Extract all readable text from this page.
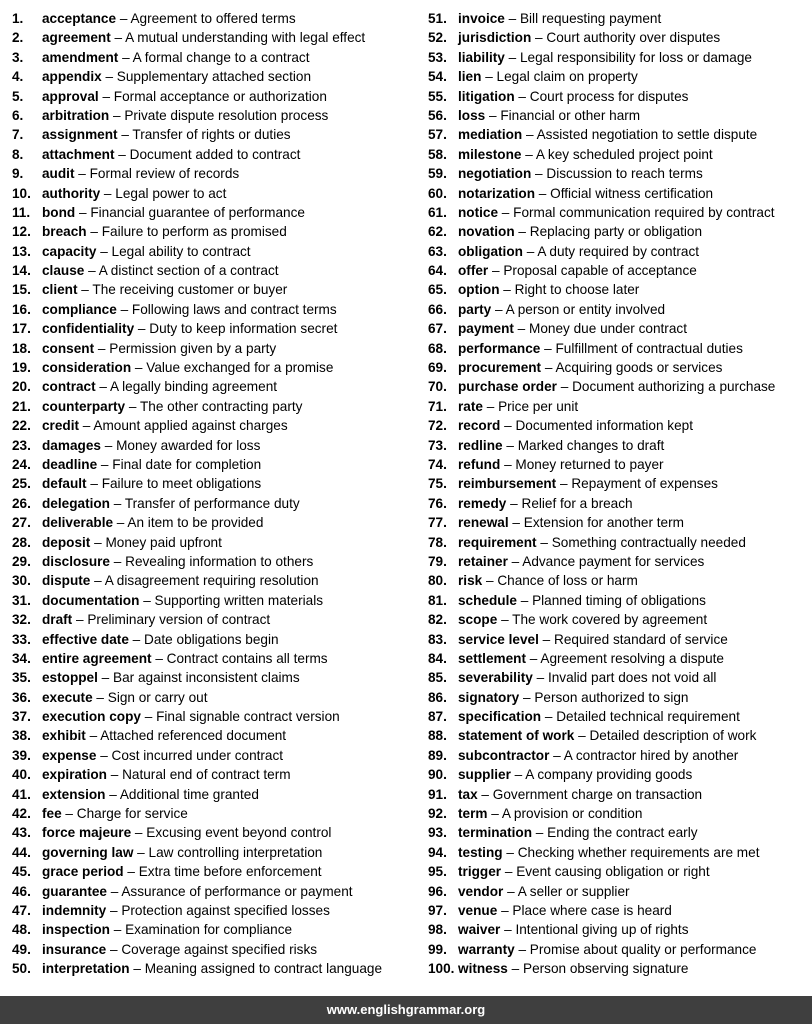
1. acceptance – Agreement to offered terms
2. agreement – A mutual understanding with legal effect
3. amendment – A formal change to a contract
4. appendix – Supplementary attached section
5. approval – Formal acceptance or authorization
6. arbitration – Private dispute resolution process
7. assignment – Transfer of rights or duties
8. attachment – Document added to contract
9. audit – Formal review of records
10. authority – Legal power to act
11. bond – Financial guarantee of performance
12. breach – Failure to perform as promised
13. capacity – Legal ability to contract
14. clause – A distinct section of a contract
15. client – The receiving customer or buyer
16. compliance – Following laws and contract terms
17. confidentiality – Duty to keep information secret
18. consent – Permission given by a party
19. consideration – Value exchanged for a promise
20. contract – A legally binding agreement
21. counterparty – The other contracting party
22. credit – Amount applied against charges
23. damages – Money awarded for loss
24. deadline – Final date for completion
25. default – Failure to meet obligations
26. delegation – Transfer of performance duty
27. deliverable – An item to be provided
28. deposit – Money paid upfront
29. disclosure – Revealing information to others
30. dispute – A disagreement requiring resolution
31. documentation – Supporting written materials
32. draft – Preliminary version of contract
33. effective date – Date obligations begin
34. entire agreement – Contract contains all terms
35. estoppel – Bar against inconsistent claims
36. execute – Sign or carry out
37. execution copy – Final signable contract version
38. exhibit – Attached referenced document
39. expense – Cost incurred under contract
40. expiration – Natural end of contract term
41. extension – Additional time granted
42. fee – Charge for service
43. force majeure – Excusing event beyond control
44. governing law – Law controlling interpretation
45. grace period – Extra time before enforcement
46. guarantee – Assurance of performance or payment
47. indemnity – Protection against specified losses
48. inspection – Examination for compliance
49. insurance – Coverage against specified risks
50. interpretation – Meaning assigned to contract language
51. invoice – Bill requesting payment
52. jurisdiction – Court authority over disputes
53. liability – Legal responsibility for loss or damage
54. lien – Legal claim on property
55. litigation – Court process for disputes
56. loss – Financial or other harm
57. mediation – Assisted negotiation to settle dispute
58. milestone – A key scheduled project point
59. negotiation – Discussion to reach terms
60. notarization – Official witness certification
61. notice – Formal communication required by contract
62. novation – Replacing party or obligation
63. obligation – A duty required by contract
64. offer – Proposal capable of acceptance
65. option – Right to choose later
66. party – A person or entity involved
67. payment – Money due under contract
68. performance – Fulfillment of contractual duties
69. procurement – Acquiring goods or services
70. purchase order – Document authorizing a purchase
71. rate – Price per unit
72. record – Documented information kept
73. redline – Marked changes to draft
74. refund – Money returned to payer
75. reimbursement – Repayment of expenses
76. remedy – Relief for a breach
77. renewal – Extension for another term
78. requirement – Something contractually needed
79. retainer – Advance payment for services
80. risk – Chance of loss or harm
81. schedule – Planned timing of obligations
82. scope – The work covered by agreement
83. service level – Required standard of service
84. settlement – Agreement resolving a dispute
85. severability – Invalid part does not void all
86. signatory – Person authorized to sign
87. specification – Detailed technical requirement
88. statement of work – Detailed description of work
89. subcontractor – A contractor hired by another
90. supplier – A company providing goods
91. tax – Government charge on transaction
92. term – A provision or condition
93. termination – Ending the contract early
94. testing – Checking whether requirements are met
95. trigger – Event causing obligation or right
96. vendor – A seller or supplier
97. venue – Place where case is heard
98. waiver – Intentional giving up of rights
99. warranty – Promise about quality or performance
100. witness – Person observing signature
www.englishgrammar.org
